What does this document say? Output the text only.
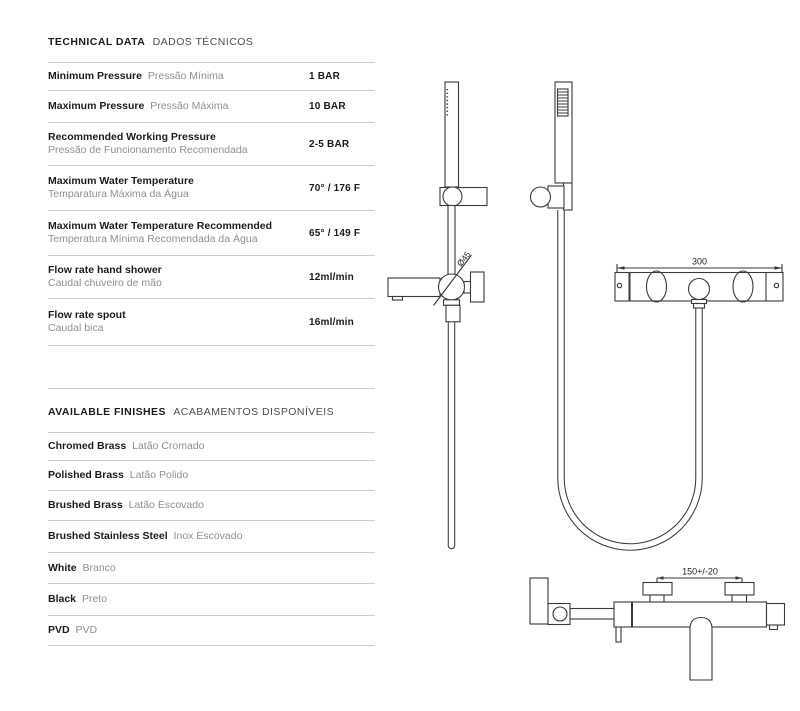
TECHNICAL DATA DADOS TÉCNICOS
Minimum Pressure Pressão Mínima	1 BAR
Maximum Pressure Pressão Máxima	10 BAR
Recommended Working Pressure
Pressão de Funcionamento Recomendada	2-5 BAR
Maximum Water Temperature
Temparatura Máxima da Água	70° / 176 F
Maximum Water Temperature Recommended
Temperatura Mínima Recomendada da Água	65° / 149 F
Flow rate hand shower
Caudal chuveiro de mão	12ml/min
Flow rate spout
Caudal bica	16ml/min
AVAILABLE FINISHES ACABAMENTOS DISPONÍVEIS
Chromed Brass Latão Cromado
Polished Brass Latão Polido
Brushed Brass Latão Escovado
Brushed Stainless Steel Inox Escovado
White Branco
Black Preto
PVD PVD
300
Ø45
150+/-20
